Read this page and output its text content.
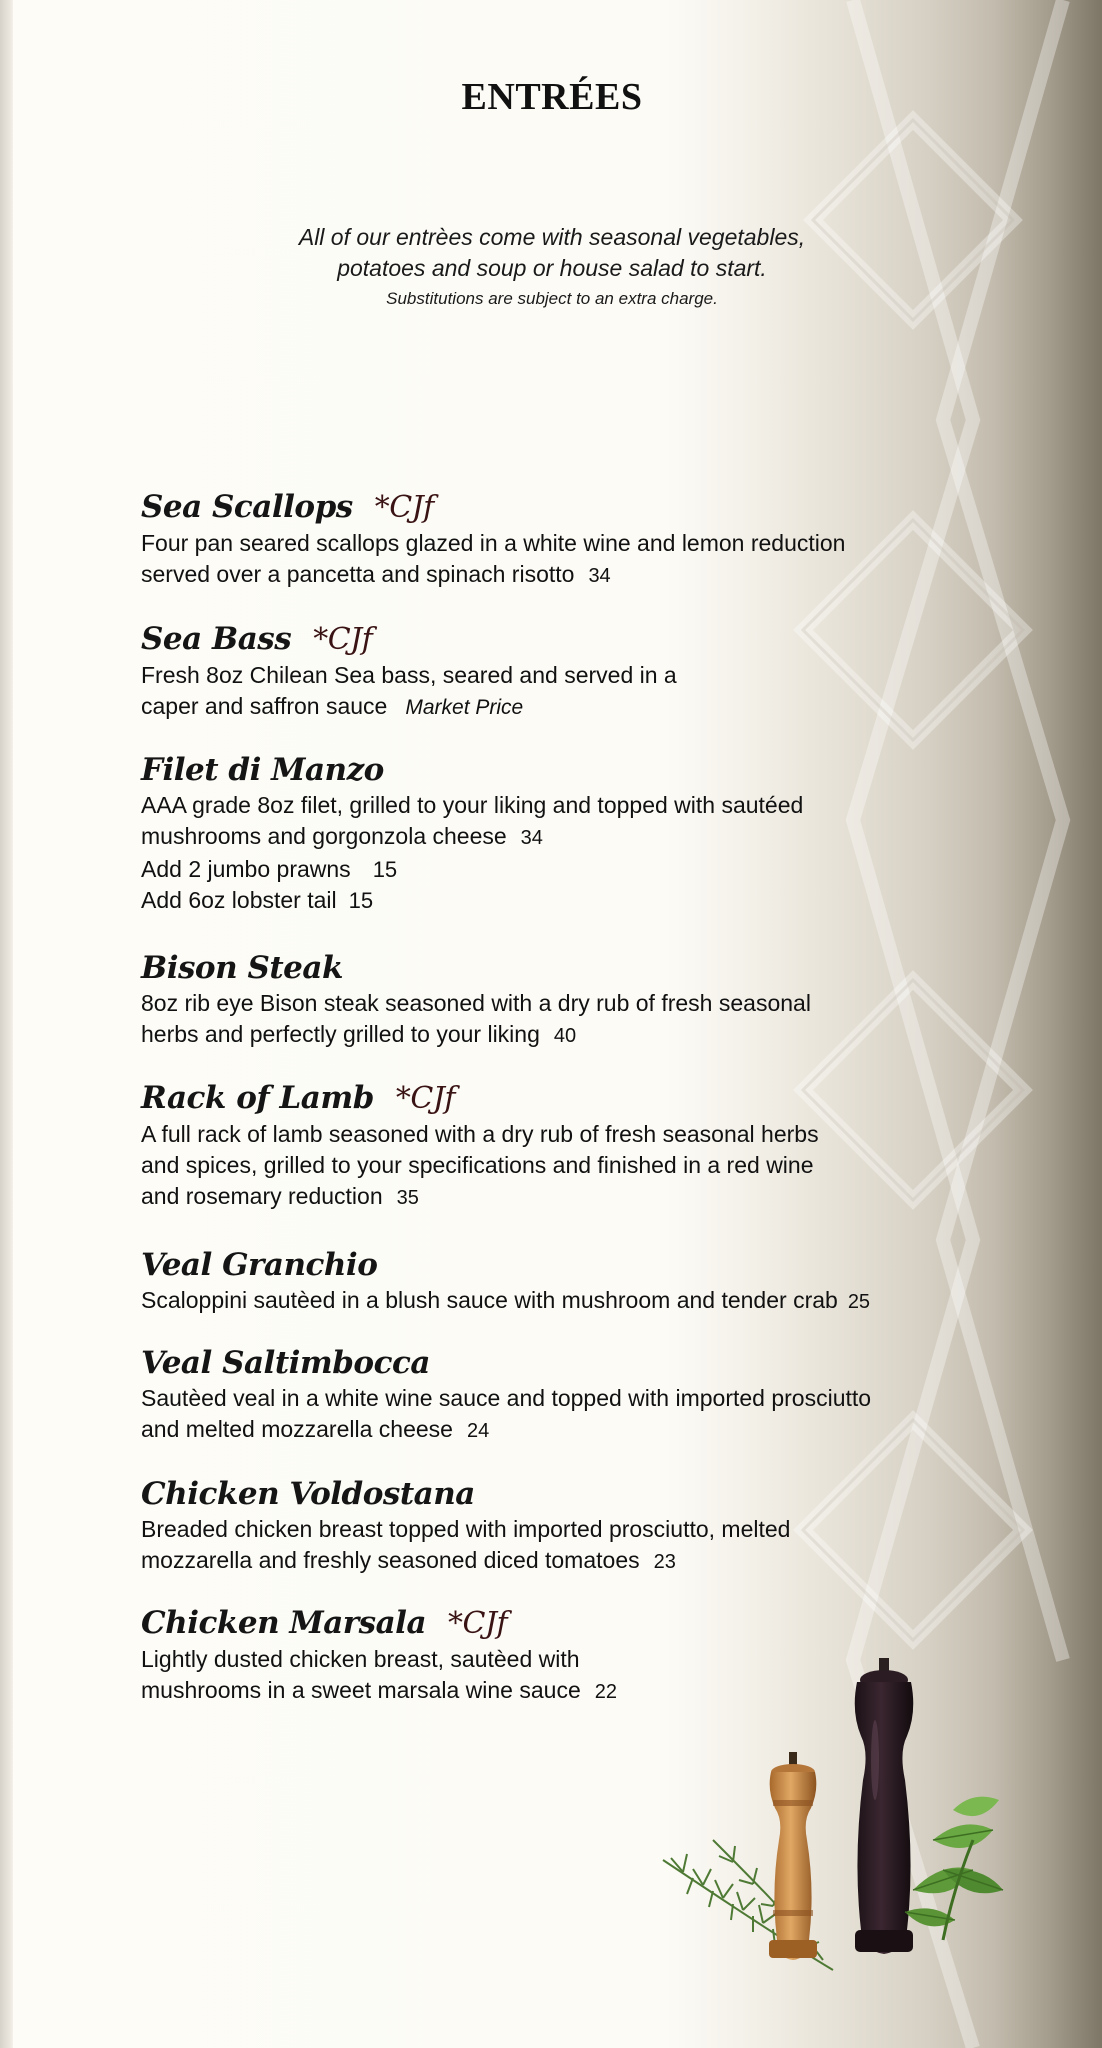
ENTRÉES
All of our entrèes come with seasonal vegetables,
potatoes and soup or house salad to start.
Substitutions are subject to an extra charge.
Sea Scallops *CJf
Four pan seared scallops glazed in a white wine and lemon reduction
served over a pancetta and spinach risotto 34
Sea Bass *CJf
Fresh 8oz Chilean Sea bass, seared and served in a
caper and saffron sauce Market Price
Filet di Manzo
AAA grade 8oz filet, grilled to your liking and topped with sautéed
mushrooms and gorgonzola cheese 34
Add 2 jumbo prawns 15
Add 6oz lobster tail 15
Bison Steak
8oz rib eye Bison steak seasoned with a dry rub of fresh seasonal
herbs and perfectly grilled to your liking 40
Rack of Lamb *CJf
A full rack of lamb seasoned with a dry rub of fresh seasonal herbs
and spices, grilled to your specifications and finished in a red wine
and rosemary reduction 35
Veal Granchio
Scaloppini sautèed in a blush sauce with mushroom and tender crab 25
Veal Saltimbocca
Sautèed veal in a white wine sauce and topped with imported prosciutto
and melted mozzarella cheese 24
Chicken Voldostana
Breaded chicken breast topped with imported prosciutto, melted
mozzarella and freshly seasoned diced tomatoes 23
Chicken Marsala *CJf
Lightly dusted chicken breast, sautèed with
mushrooms in a sweet marsala wine sauce 22
